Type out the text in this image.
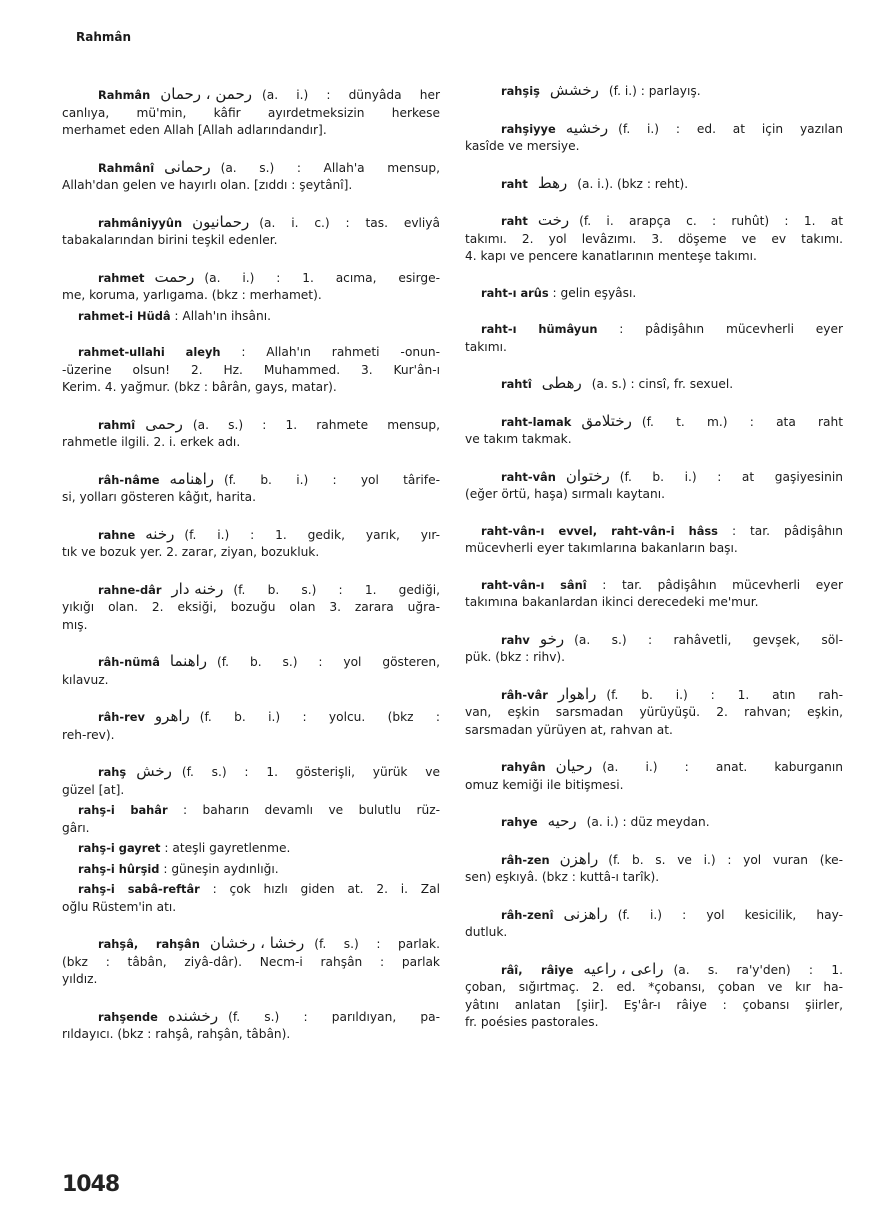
Rahmân
Rahmân رحمن ، رحمان (a. i.) : dünyâda her
canlıya, mü'min, kâfir ayırdetmeksizin herkese
merhamet eden Allah [Allah adlarındandır].
Rahmânî رحمانى (a. s.) : Allah'a mensup,
Allah'dan gelen ve hayırlı olan. [zıddı : şeytânî].
rahmâniyyûn رحمانيون (a. i. c.) : tas. evliyâ
tabakalarından birini teşkil edenler.
rahmet رحمت (a. i.) : 1. acıma, esirge-
me, koruma, yarlıgama. (bkz : merhamet).
rahmet-i Hüdâ : Allah'ın ihsânı.
rahmet-ullahi aleyh : Allah'ın rahmeti -onun-
-üzerine olsun! 2. Hz. Muhammed. 3. Kur'ân-ı
Kerim. 4. yağmur. (bkz : bârân, gays, matar).
rahmî رحمى (a. s.) : 1. rahmete mensup,
rahmetle ilgili. 2. i. erkek adı.
râh-nâme راهنامه (f. b. i.) : yol târife-
si, yolları gösteren kâğıt, harita.
rahne رخنه (f. i.) : 1. gedik, yarık, yır-
tık ve bozuk yer. 2. zarar, ziyan, bozukluk.
rahne-dâr رخنه دار (f. b. s.) : 1. gediği,
yıkığı olan. 2. eksiği, bozuğu olan 3. zarara uğra-
mış.
râh-nümâ راهنما (f. b. s.) : yol gösteren,
kılavuz.
râh-rev راهرو (f. b. i.) : yolcu. (bkz :
reh-rev).
rahş رخش (f. s.) : 1. gösterişli, yürük ve
güzel [at].
rahş-i bahâr : baharın devamlı ve bulutlu rüz-
gârı.
rahş-i gayret : ateşli gayretlenme.
rahş-i hûrşid : güneşin aydınlığı.
rahş-i sabâ-reftâr : çok hızlı giden at. 2. i. Zal
oğlu Rüstem'in atı.
rahşâ, rahşân رخشا ، رخشان (f. s.) : parlak.
(bkz : tâbân, ziyâ-dâr). Necm-i rahşân : parlak
yıldız.
rahşende رخشنده (f. s.) : parıldıyan, pa-
rıldayıcı. (bkz : rahşâ, rahşân, tâbân).
rahşiş رخشش (f. i.) : parlayış.
rahşiyye رخشيه (f. i.) : ed. at için yazılan
kasîde ve mersiye.
raht رهط (a. i.). (bkz : reht).
raht رخت (f. i. arapça c. : ruhût) : 1. at
takımı. 2. yol levâzımı. 3. döşeme ve ev takımı.
4. kapı ve pencere kanatlarının menteşe takımı.
raht-ı arûs : gelin eşyâsı.
raht-ı hümâyun : pâdişâhın mücevherli eyer
takımı.
rahtî رهطى (a. s.) : cinsî, fr. sexuel.
raht-lamak رختلامق (f. t. m.) : ata raht
ve takım takmak.
raht-vân رختوان (f. b. i.) : at gaşiyesinin
(eğer örtü, haşa) sırmalı kaytanı.
raht-vân-ı evvel, raht-vân-i hâss : tar. pâdişâhın
mücevherli eyer takımlarına bakanların başı.
raht-vân-ı sânî : tar. pâdişâhın mücevherli eyer
takımına bakanlardan ikinci derecedeki me'mur.
rahv رخو (a. s.) : rahâvetli, gevşek, söl-
pük. (bkz : rihv).
râh-vâr راهوار (f. b. i.) : 1. atın rah-
van, eşkin sarsmadan yürüyüşü. 2. rahvan; eşkin,
sarsmadan yürüyen at, rahvan at.
rahyân رحيان (a. i.) : anat. kaburganın
omuz kemiği ile bitişmesi.
rahye رحيه (a. i.) : düz meydan.
râh-zen راهزن (f. b. s. ve i.) : yol vuran (ke-
sen) eşkıyâ. (bkz : kuttâ-ı tarîk).
râh-zenî راهزنى (f. i.) : yol kesicilik, hay-
dutluk.
râî, râiye راعى ، راعيه (a. s. ra'y'den) : 1.
çoban, sığırtmaç. 2. ed. *çobansı, çoban ve kır ha-
yâtını anlatan [şiir]. Eş'âr-ı râiye : çobansı şiirler,
fr. poésies pastorales.
1048
